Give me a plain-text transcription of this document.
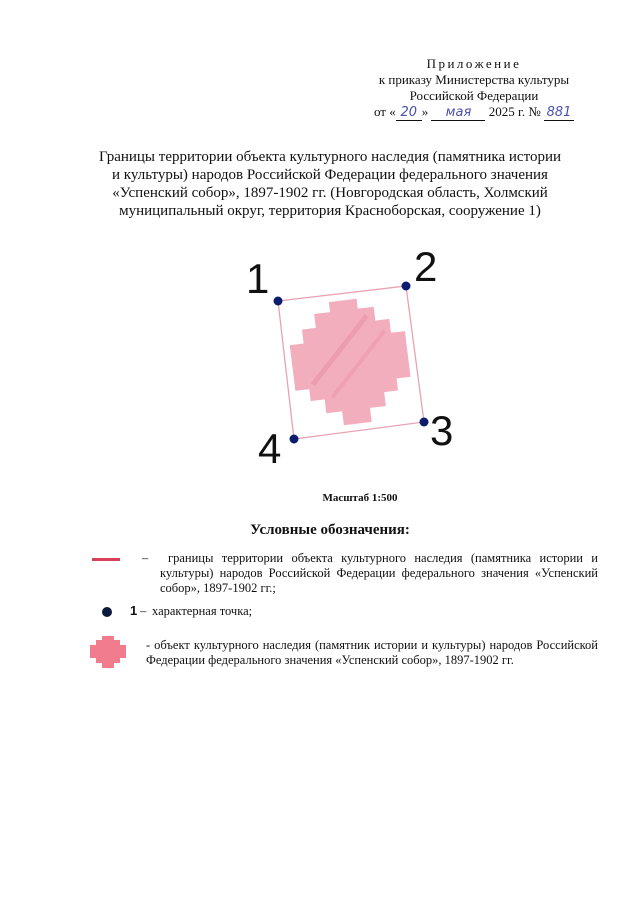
Приложение
к приказу Министерства культуры
Российской Федерации
от « 20 » мая 2025 г. № 881
Границы территории объекта культурного наследия (памятника истории
и культуры) народов Российской Федерации федерального значения
«Успенский собор», 1897-1902 гг. (Новгородская область, Холмский
муниципальный округ, территория Красноборская, сооружение 1)
1	2
3
4
Масштаб 1:500
Условные обозначения:
–	границы территории объекта культурного наследия (памятника истории и культуры) народов Российской Федерации федерального значения «Успенский собор», 1897-1902 гг.;
1 – характерная точка;
- объект культурного наследия (памятник истории и культуры) народов Российской Федерации федерального значения «Успенский собор», 1897-1902 гг.
